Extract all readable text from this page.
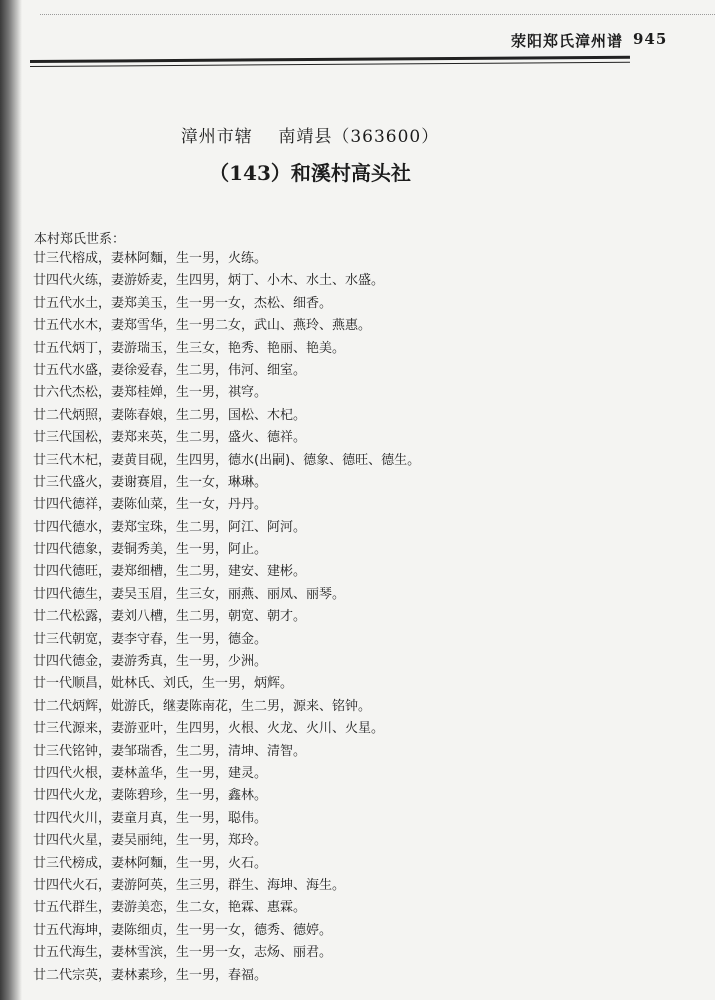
荥阳郑氏漳州谱 945
漳州市辖    南靖县（363600）
（143）和溪村高头社
本村郑氏世系：
廿三代榕成，妻林阿麵，生一男，火练。
廿四代火练，妻游娇麦，生四男，炳丁、小木、水土、水盛。
廿五代水土，妻郑美玉，生一男一女，杰松、细香。
廿五代水木，妻郑雪华，生一男二女，武山、燕玲、燕惠。
廿五代炳丁，妻游瑞玉，生三女，艳秀、艳丽、艳美。
廿五代水盛，妻徐爱春，生二男，伟河、细室。
廿六代杰松，妻郑桂婵，生一男，祺穹。
廿二代炳照，妻陈春娘，生二男，国松、木杞。
廿三代国松，妻郑来英，生二男，盛火、德祥。
廿三代木杞，妻黄目砚，生四男，德水(出嗣)、德象、德旺、德生。
廿三代盛火，妻谢赛眉，生一女，琳琳。
廿四代德祥，妻陈仙菜，生一女，丹丹。
廿四代德水，妻郑宝珠，生二男，阿江、阿河。
廿四代德象，妻铜秀美，生一男，阿止。
廿四代德旺，妻郑细槽，生二男，建安、建彬。
廿四代德生，妻吴玉眉，生三女，丽燕、丽凤、丽琴。
廿二代松露，妻刘八槽，生二男，朝宽、朝才。
廿三代朝宽，妻李守春，生一男，德金。
廿四代德金，妻游秀真，生一男，少洲。
廿一代顺昌，妣林氏、刘氏，生一男，炳辉。
廿二代炳辉，妣游氏，继妻陈南花，生二男，源来、铭钟。
廿三代源来，妻游亚叶，生四男，火根、火龙、火川、火星。
廿三代铭钟，妻邹瑞香，生二男，清坤、清智。
廿四代火根，妻林盖华，生一男，建灵。
廿四代火龙，妻陈碧珍，生一男，鑫林。
廿四代火川，妻童月真，生一男，聪伟。
廿四代火星，妻吴丽纯，生一男，郑玲。
廿三代榜成，妻林阿麵，生一男，火石。
廿四代火石，妻游阿英，生三男，群生、海坤、海生。
廿五代群生，妻游美恋，生二女，艳霖、惠霖。
廿五代海坤，妻陈细贞，生一男一女，德秀、德婷。
廿五代海生，妻林雪滨，生一男一女，志炀、丽君。
廿二代宗英，妻林素珍，生一男，春福。
